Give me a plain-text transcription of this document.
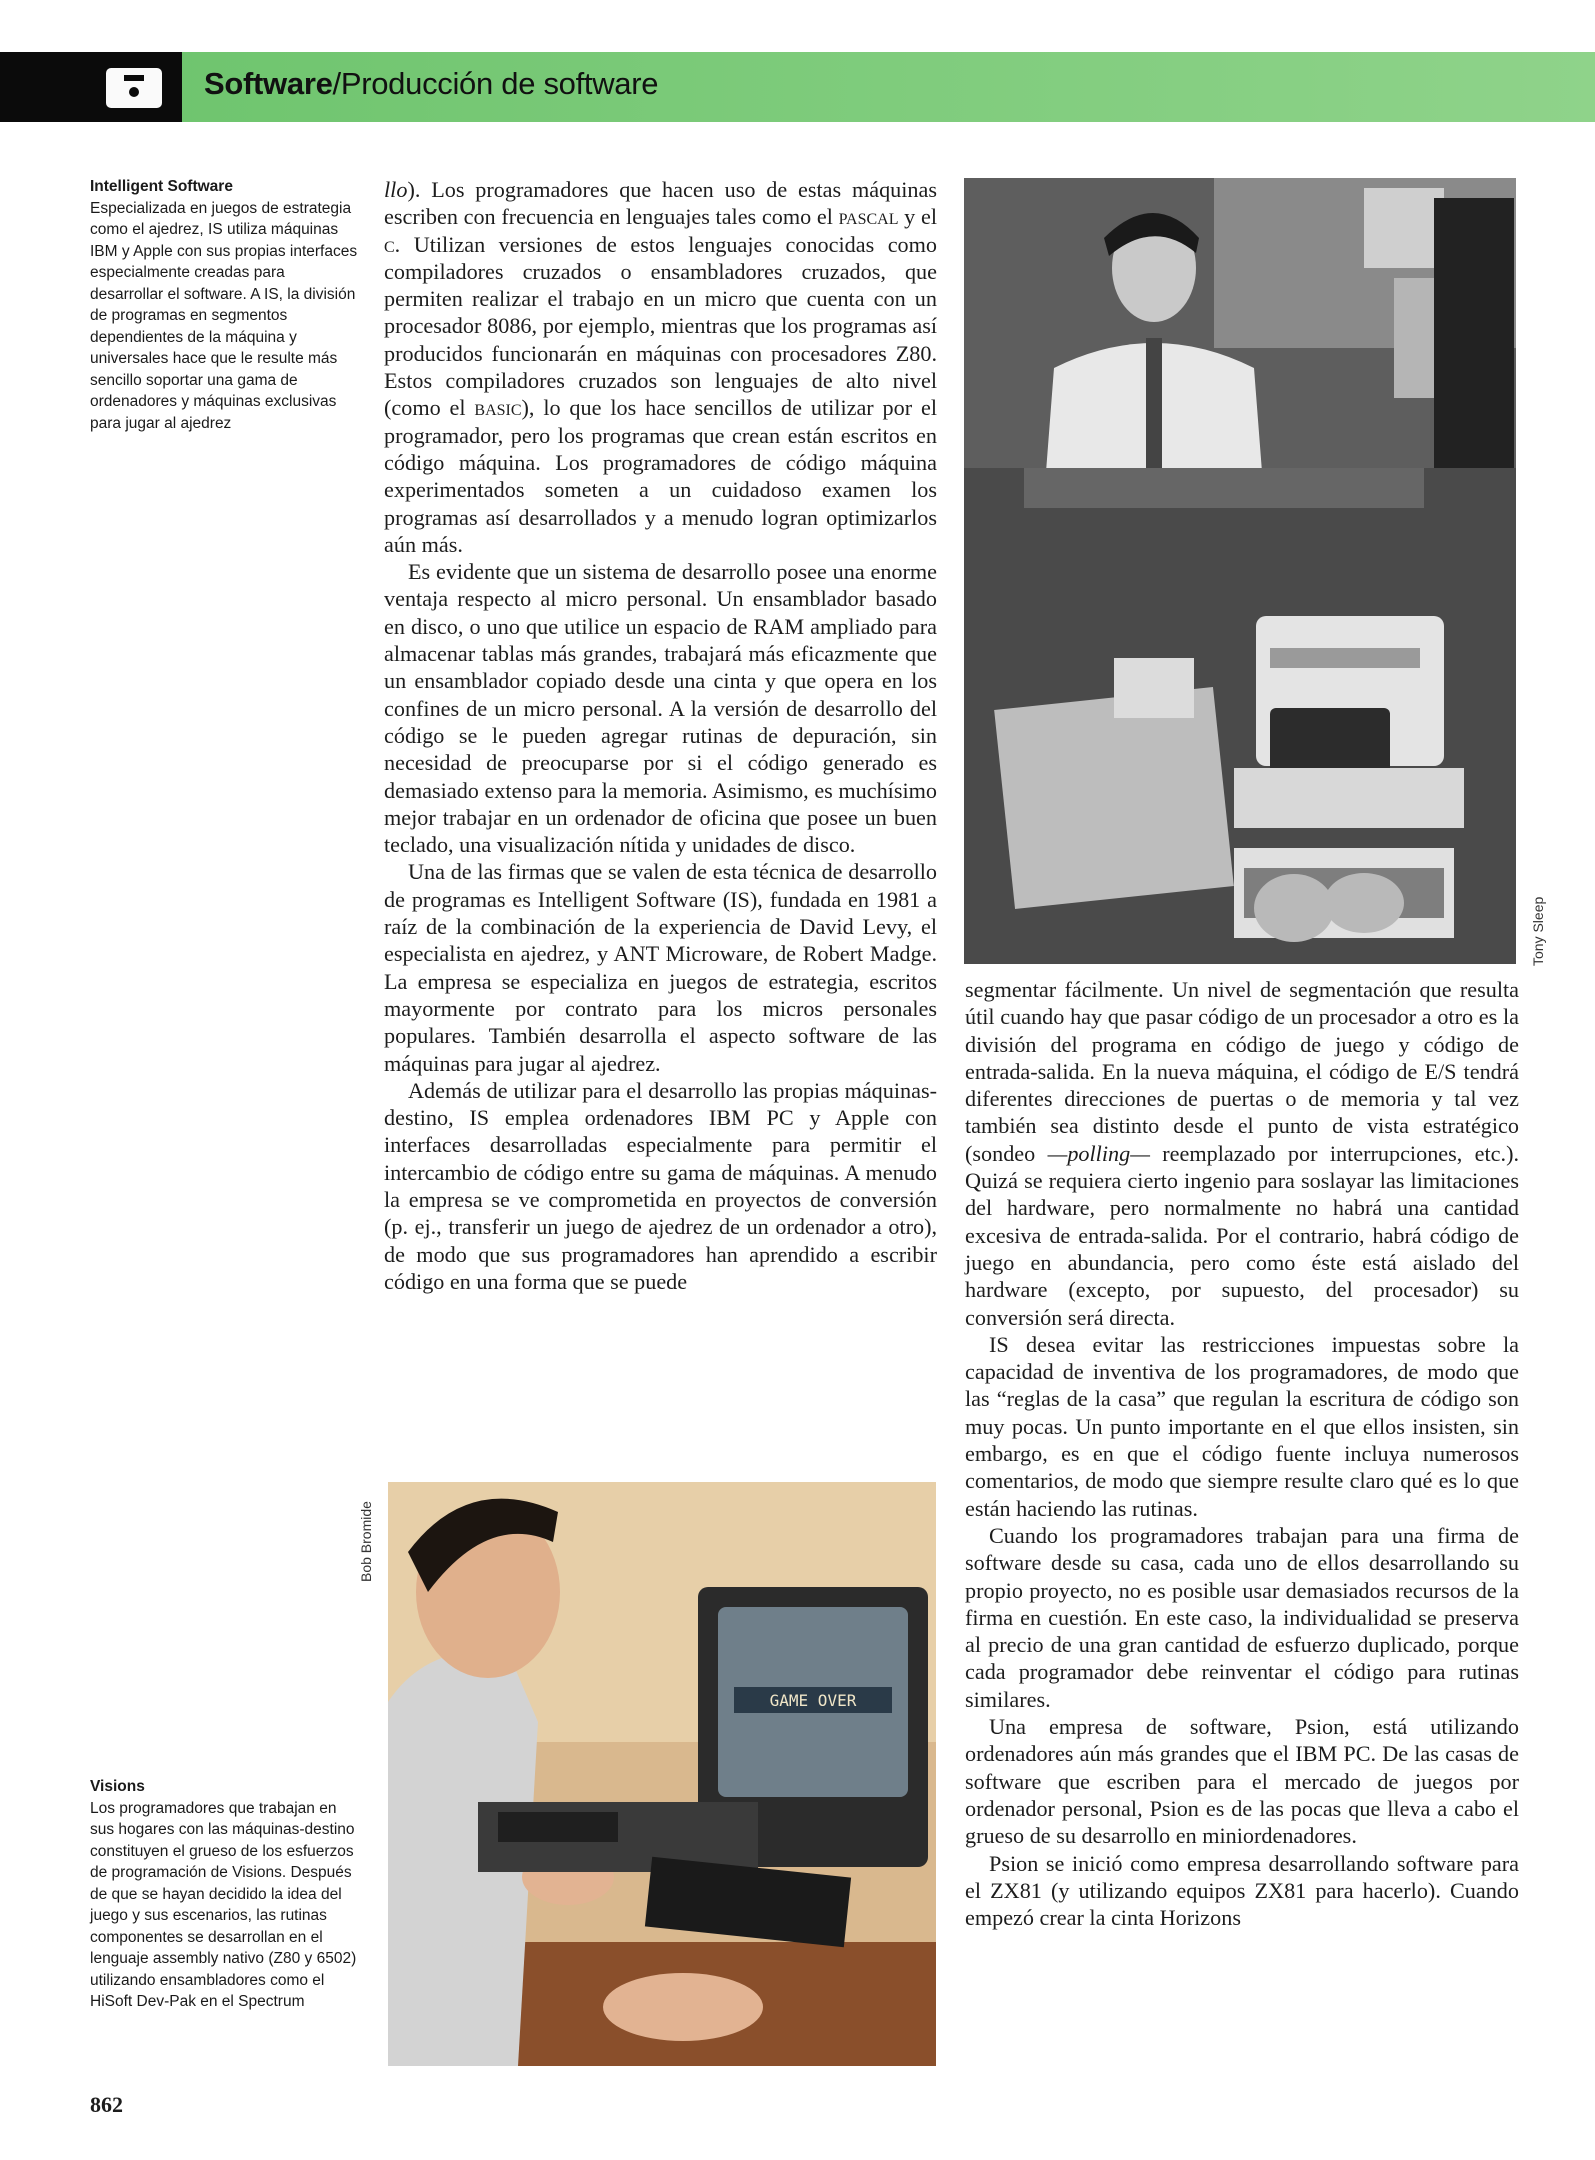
Software/Producción de software
Intelligent Software
Especializada en juegos de estrategia como el ajedrez, IS utiliza máquinas IBM y Apple con sus propias interfaces especialmente creadas para desarrollar el software. A IS, la división de programas en segmentos dependientes de la máquina y universales hace que le resulte más sencillo soportar una gama de ordenadores y máquinas exclusivas para jugar al ajedrez

llo). Los programadores que hacen uso de estas máquinas escriben con frecuencia en lenguajes tales como el pascal y el c. Utilizan versiones de estos lenguajes conocidas como compiladores cruzados o ensambladores cruzados, que permiten realizar el trabajo en un micro que cuenta con un procesador 8086, por ejemplo, mientras que los programas así producidos funcionarán en máquinas con procesadores Z80. Estos compiladores cruzados son lenguajes de alto nivel (como el basic), lo que los hace sencillos de utilizar por el programador, pero los programas que crean están escritos en código máquina. Los programadores de código máquina experimentados someten a un cuidadoso examen los programas así desarrollados y a menudo logran optimizarlos aún más.

Es evidente que un sistema de desarrollo posee una enorme ventaja respecto al micro personal. Un ensamblador basado en disco, o uno que utilice un espacio de RAM ampliado para almacenar tablas más grandes, trabajará más eficazmente que un ensamblador copiado desde una cinta y que opera en los confines de un micro personal. A la versión de desarrollo del código se le pueden agregar rutinas de depuración, sin necesidad de preocuparse por si el código generado es demasiado extenso para la memoria. Asimismo, es muchísimo mejor trabajar en un ordenador de oficina que posee un buen teclado, una visualización nítida y unidades de disco.

Una de las firmas que se valen de esta técnica de desarrollo de programas es Intelligent Software (IS), fundada en 1981 a raíz de la combinación de la experiencia de David Levy, el especialista en ajedrez, y ANT Microware, de Robert Madge. La empresa se especializa en juegos de estrategia, escritos mayormente por contrato para los micros personales populares. También desarrolla el aspecto software de las máquinas para jugar al ajedrez.

Además de utilizar para el desarrollo las propias máquinas-destino, IS emplea ordenadores IBM PC y Apple con interfaces desarrolladas especialmente para permitir el intercambio de código entre su gama de máquinas. A menudo la empresa se ve comprometida en proyectos de conversión (p. ej., transferir un juego de ajedrez de un ordenador a otro), de modo que sus programadores han aprendido a escribir código en una forma que se puede

Tony Sleep

segmentar fácilmente. Un nivel de segmentación que resulta útil cuando hay que pasar código de un procesador a otro es la división del programa en código de juego y código de entrada-salida. En la nueva máquina, el código de E/S tendrá diferentes direcciones de puertas o de memoria y tal vez también sea distinto desde el punto de vista estratégico (sondeo —polling— reemplazado por interrupciones, etc.). Quizá se requiera cierto ingenio para soslayar las limitaciones del hardware, pero normalmente no habrá una cantidad excesiva de entrada-salida. Por el contrario, habrá código de juego en abundancia, pero como éste está aislado del hardware (excepto, por supuesto, del procesador) su conversión será directa.

IS desea evitar las restricciones impuestas sobre la capacidad de inventiva de los programadores, de modo que las “reglas de la casa” que regulan la escritura de código son muy pocas. Un punto importante en el que ellos insisten, sin embargo, es en que el código fuente incluya numerosos comentarios, de modo que siempre resulte claro qué es lo que están haciendo las rutinas.

Cuando los programadores trabajan para una firma de software desde su casa, cada uno de ellos desarrollando su propio proyecto, no es posible usar demasiados recursos de la firma en cuestión. En este caso, la individualidad se preserva al precio de una gran cantidad de esfuerzo duplicado, porque cada programador debe reinventar el código para rutinas similares.

Una empresa de software, Psion, está utilizando ordenadores aún más grandes que el IBM PC. De las casas de software que escriben para el mercado de juegos por ordenador personal, Psion es de las pocas que lleva a cabo el grueso de su desarrollo en miniordenadores.

Psion se inició como empresa desarrollando software para el ZX81 (y utilizando equipos ZX81 para hacerlo). Cuando empezó crear la cinta Horizons

Bob Bromide
GAME OVER
Visions
Los programadores que trabajan en sus hogares con las máquinas-destino constituyen el grueso de los esfuerzos de programación de Visions. Después de que se hayan decidido la idea del juego y sus escenarios, las rutinas componentes se desarrollan en el lenguaje assembly nativo (Z80 y 6502) utilizando ensambladores como el HiSoft Dev-Pak en el Spectrum
862
